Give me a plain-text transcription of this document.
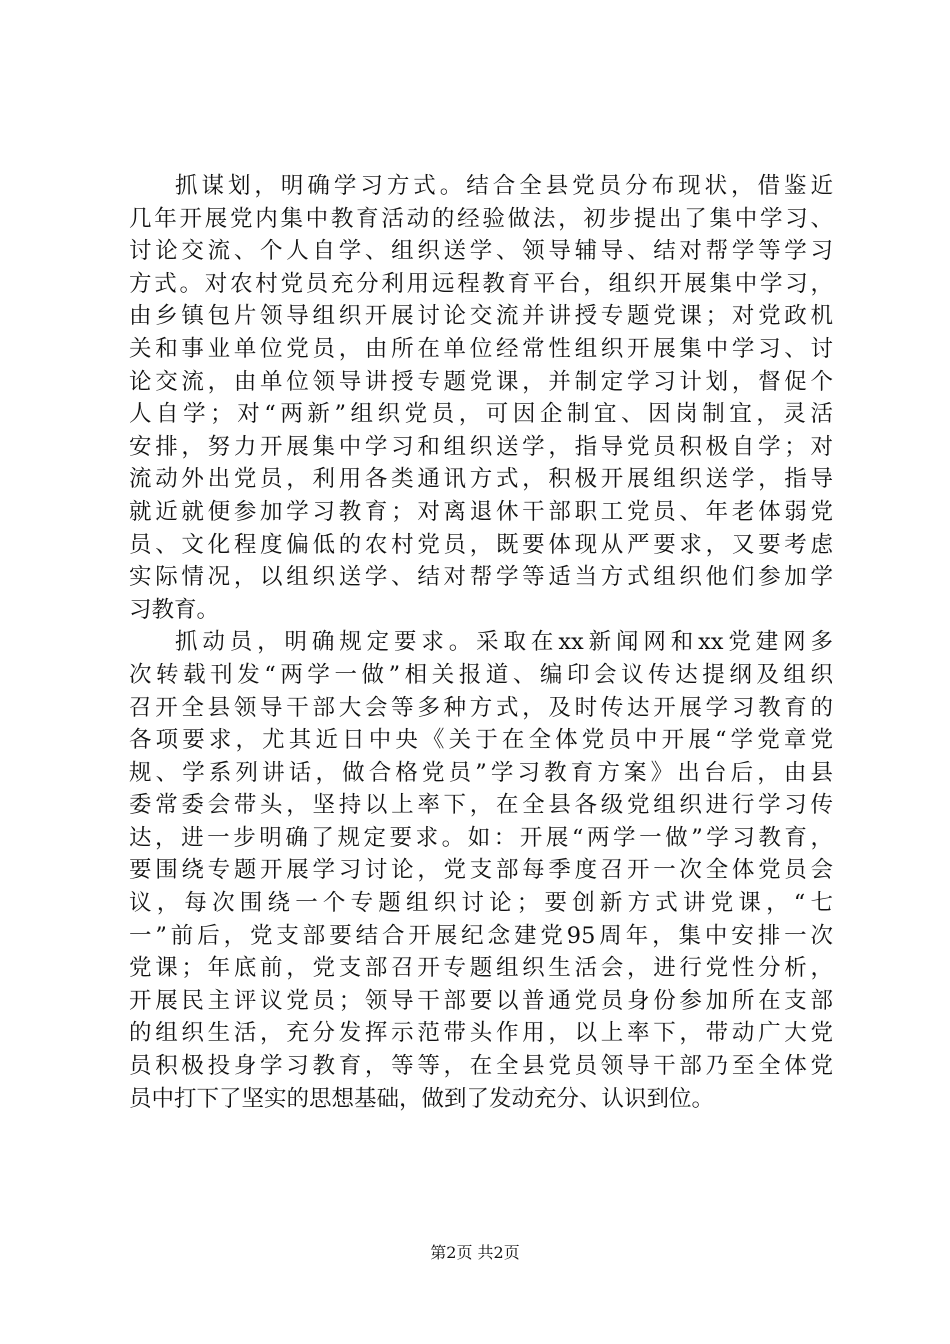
抓谋划，明确学习方式。结合全县党员分布现状，借鉴近
几年开展党内集中教育活动的经验做法，初步提出了集中学习、
讨论交流、个人自学、组织送学、领导辅导、结对帮学等学习
方式。对农村党员充分利用远程教育平台，组织开展集中学习，
由乡镇包片领导组织开展讨论交流并讲授专题党课；对党政机
关和事业单位党员，由所在单位经常性组织开展集中学习、讨
论交流，由单位领导讲授专题党课，并制定学习计划，督促个
人自学；对“两新”组织党员，可因企制宜、因岗制宜，灵活
安排，努力开展集中学习和组织送学，指导党员积极自学；对
流动外出党员，利用各类通讯方式，积极开展组织送学，指导
就近就便参加学习教育；对离退休干部职工党员、年老体弱党
员、文化程度偏低的农村党员，既要体现从严要求，又要考虑
实际情况，以组织送学、结对帮学等适当方式组织他们参加学
习教育。
抓动员，明确规定要求。采取在xx新闻网和xx党建网多
次转载刊发“两学一做”相关报道、编印会议传达提纲及组织
召开全县领导干部大会等多种方式，及时传达开展学习教育的
各项要求，尤其近日中央《关于在全体党员中开展“学党章党
规、学系列讲话，做合格党员”学习教育方案》出台后，由县
委常委会带头，坚持以上率下，在全县各级党组织进行学习传
达，进一步明确了规定要求。如：开展“两学一做”学习教育，
要围绕专题开展学习讨论，党支部每季度召开一次全体党员会
议，每次围绕一个专题组织讨论；要创新方式讲党课，“七
一”前后，党支部要结合开展纪念建党95周年，集中安排一次
党课；年底前，党支部召开专题组织生活会，进行党性分析，
开展民主评议党员；领导干部要以普通党员身份参加所在支部
的组织生活，充分发挥示范带头作用，以上率下，带动广大党
员积极投身学习教育，等等，在全县党员领导干部乃至全体党
员中打下了坚实的思想基础，做到了发动充分、认识到位。
第2页 共2页
